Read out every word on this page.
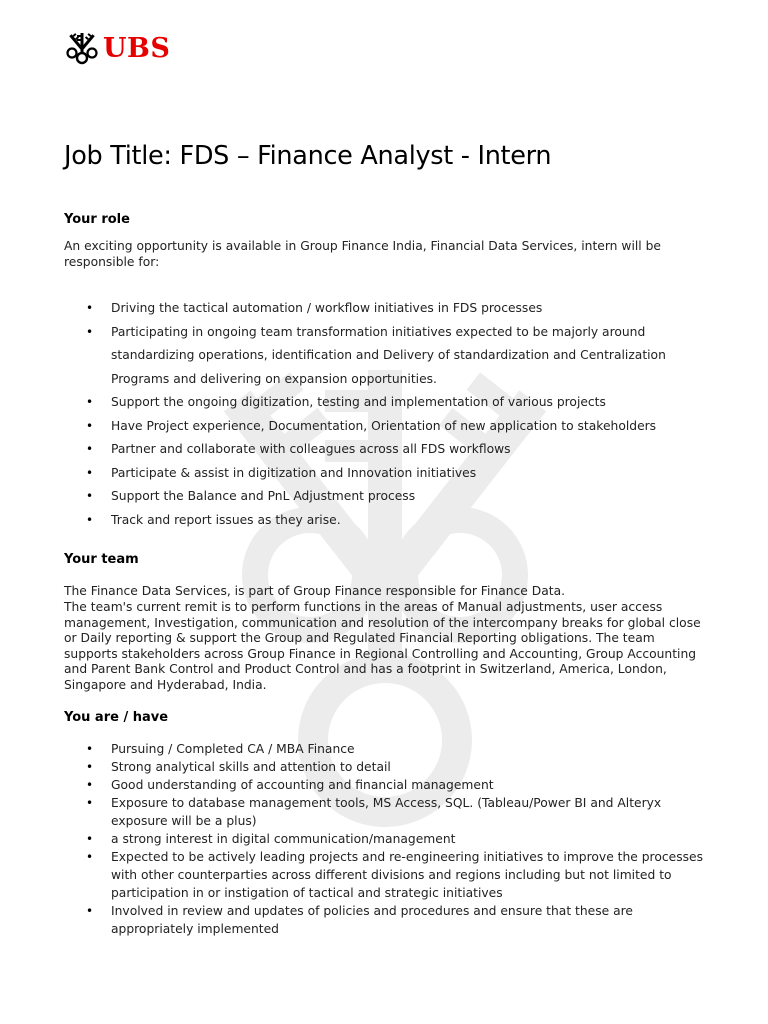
UBS
Job Title: FDS – Finance Analyst - Intern
Your role

An exciting opportunity is available in Group Finance India, Financial Data Services, intern will be responsible for:

• Driving the tactical automation / workflow initiatives in FDS processes
• Participating in ongoing team transformation initiatives expected to be majorly around standardizing operations, identification and Delivery of standardization and Centralization Programs and delivering on expansion opportunities.
• Support the ongoing digitization, testing and implementation of various projects
• Have Project experience, Documentation, Orientation of new application to stakeholders
• Partner and collaborate with colleagues across all FDS workflows
• Participate & assist in digitization and Innovation initiatives
• Support the Balance and PnL Adjustment process
• Track and report issues as they arise.
Your team

The Finance Data Services, is part of Group Finance responsible for Finance Data.

The team's current remit is to perform functions in the areas of Manual adjustments, user access management, Investigation, communication and resolution of the intercompany breaks for global close or Daily reporting & support the Group and Regulated Financial Reporting obligations. The team supports stakeholders across Group Finance in Regional Controlling and Accounting, Group Accounting and Parent Bank Control and Product Control and has a footprint in Switzerland, America, London, Singapore and Hyderabad, India.

You are / have
• Pursuing / Completed CA / MBA Finance
• Strong analytical skills and attention to detail
• Good understanding of accounting and financial management
• Exposure to database management tools, MS Access, SQL. (Tableau/Power BI and Alteryx exposure will be a plus)
• a strong interest in digital communication/management
• Expected to be actively leading projects and re-engineering initiatives to improve the processes with other counterparties across different divisions and regions including but not limited to participation in or instigation of tactical and strategic initiatives
• Involved in review and updates of policies and procedures and ensure that these are appropriately implemented
